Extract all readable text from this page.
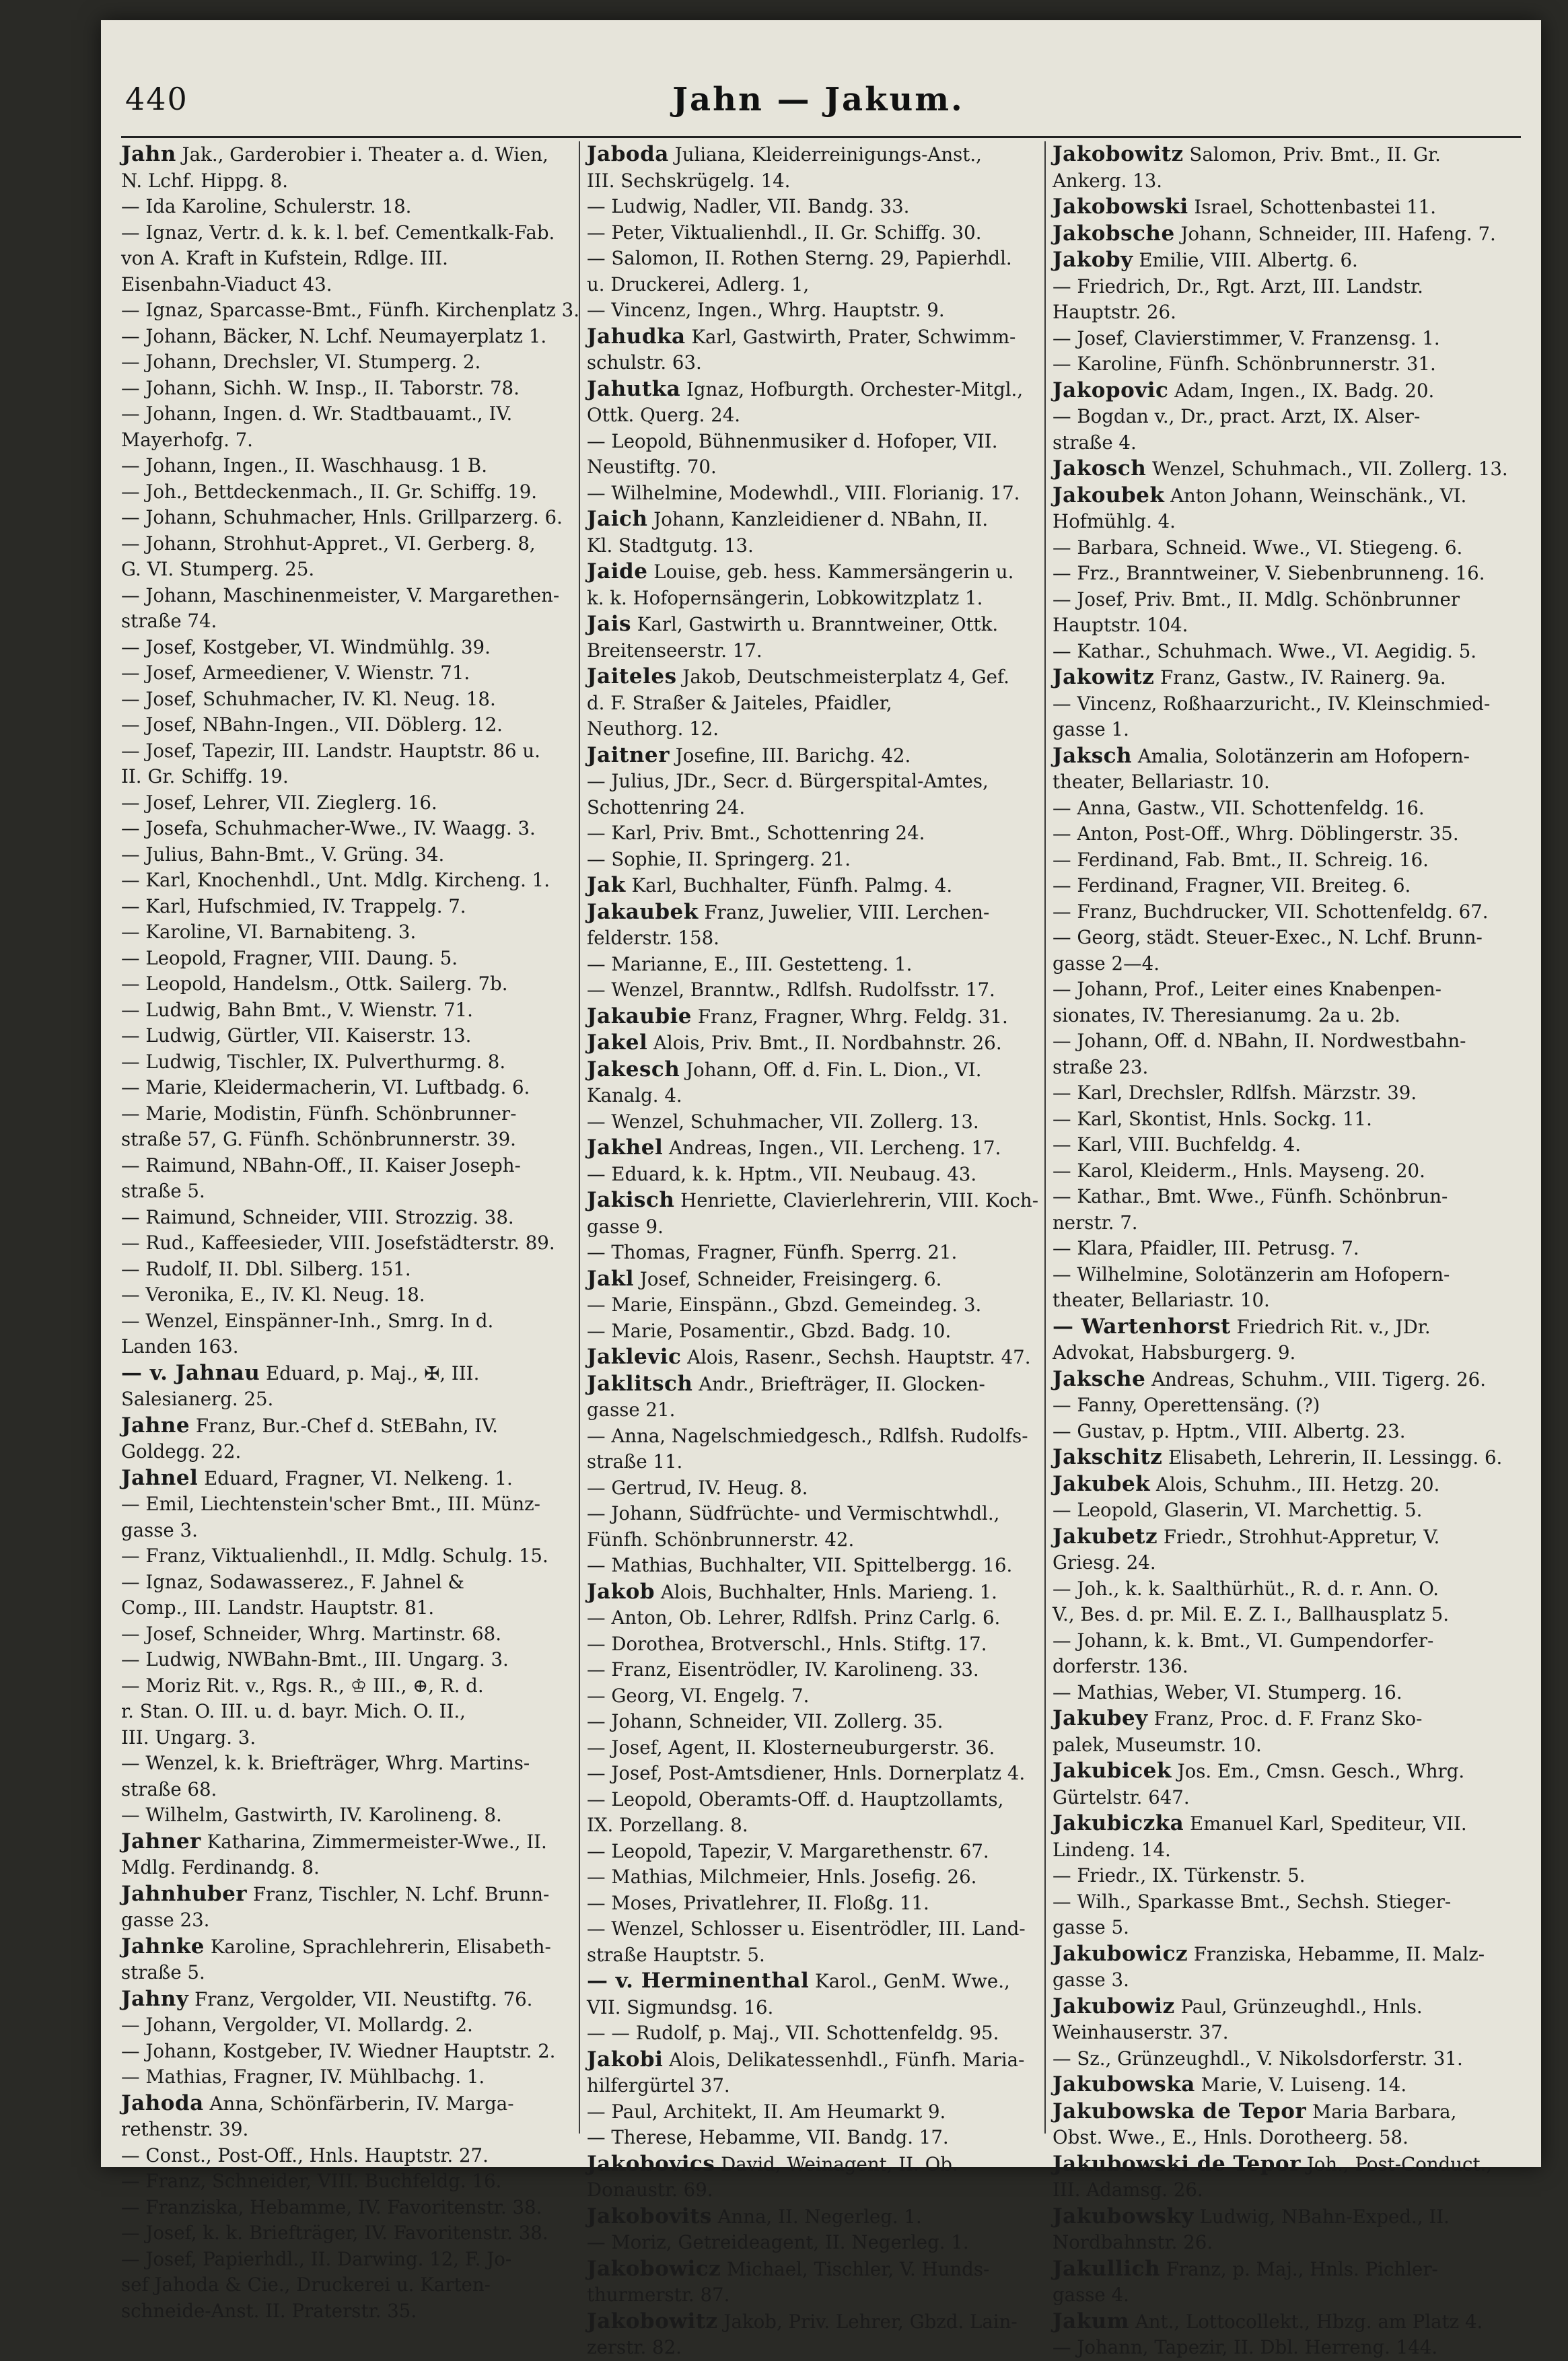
440	Jahn — Jakum.
Jahn Jak., Garderobier i. Theater a. d. Wien,
N. Lchf. Hippg. 8.
— Ida Karoline, Schulerstr. 18.
— Ignaz, Vertr. d. k. k. l. bef. Cementkalk-Fab.
von A. Kraft in Kufstein, Rdlge. III.
Eisenbahn-Viaduct 43.
— Ignaz, Sparcasse-Bmt., Fünfh. Kirchenplatz 3.
— Johann, Bäcker, N. Lchf. Neumayerplatz 1.
— Johann, Drechsler, VI. Stumperg. 2.
— Johann, Sichh. W. Insp., II. Taborstr. 78.
— Johann, Ingen. d. Wr. Stadtbauamt., IV.
Mayerhofg. 7.
— Johann, Ingen., II. Waschhausg. 1 B.
— Joh., Bettdeckenmach., II. Gr. Schiffg. 19.
— Johann, Schuhmacher, Hnls. Grillparzerg. 6.
— Johann, Strohhut-Appret., VI. Gerberg. 8,
G. VI. Stumperg. 25.
— Johann, Maschinenmeister, V. Margarethen-
straße 74.
— Josef, Kostgeber, VI. Windmühlg. 39.
— Josef, Armeediener, V. Wienstr. 71.
— Josef, Schuhmacher, IV. Kl. Neug. 18.
— Josef, NBahn-Ingen., VII. Döblerg. 12.
— Josef, Tapezir, III. Landstr. Hauptstr. 86 u.
II. Gr. Schiffg. 19.
— Josef, Lehrer, VII. Zieglerg. 16.
— Josefa, Schuhmacher-Wwe., IV. Waagg. 3.
— Julius, Bahn-Bmt., V. Grüng. 34.
— Karl, Knochenhdl., Unt. Mdlg. Kircheng. 1.
— Karl, Hufschmied, IV. Trappelg. 7.
— Karoline, VI. Barnabiteng. 3.
— Leopold, Fragner, VIII. Daung. 5.
— Leopold, Handelsm., Ottk. Sailerg. 7b.
— Ludwig, Bahn Bmt., V. Wienstr. 71.
— Ludwig, Gürtler, VII. Kaiserstr. 13.
— Ludwig, Tischler, IX. Pulverthurmg. 8.
— Marie, Kleidermacherin, VI. Luftbadg. 6.
— Marie, Modistin, Fünfh. Schönbrunner-
straße 57, G. Fünfh. Schönbrunnerstr. 39.
— Raimund, NBahn-Off., II. Kaiser Joseph-
straße 5.
— Raimund, Schneider, VIII. Strozzig. 38.
— Rud., Kaffeesieder, VIII. Josefstädterstr. 89.
— Rudolf, II. Dbl. Silberg. 151.
— Veronika, E., IV. Kl. Neug. 18.
— Wenzel, Einspänner-Inh., Smrg. In d.
Landen 163.
— v. Jahnau Eduard, p. Maj., ✠, III.
Salesianerg. 25.
Jahne Franz, Bur.-Chef d. StEBahn, IV.
Goldegg. 22.
Jahnel Eduard, Fragner, VI. Nelkeng. 1.
— Emil, Liechtenstein'scher Bmt., III. Münz-
gasse 3.
— Franz, Viktualienhdl., II. Mdlg. Schulg. 15.
— Ignaz, Sodawasserez., F. Jahnel &
Comp., III. Landstr. Hauptstr. 81.
— Josef, Schneider, Whrg. Martinstr. 68.
— Ludwig, NWBahn-Bmt., III. Ungarg. 3.
— Moriz Rit. v., Rgs. R., ♔ III., ⊕, R. d.
r. Stan. O. III. u. d. bayr. Mich. O. II.,
III. Ungarg. 3.
— Wenzel, k. k. Briefträger, Whrg. Martins-
straße 68.
— Wilhelm, Gastwirth, IV. Karolineng. 8.
Jahner Katharina, Zimmermeister-Wwe., II.
Mdlg. Ferdinandg. 8.
Jahnhuber Franz, Tischler, N. Lchf. Brunn-
gasse 23.
Jahnke Karoline, Sprachlehrerin, Elisabeth-
straße 5.
Jahny Franz, Vergolder, VII. Neustiftg. 76.
— Johann, Vergolder, VI. Mollardg. 2.
— Johann, Kostgeber, IV. Wiedner Hauptstr. 2.
— Mathias, Fragner, IV. Mühlbachg. 1.
Jahoda Anna, Schönfärberin, IV. Marga-
rethenstr. 39.
— Const., Post-Off., Hnls. Hauptstr. 27.
— Franz, Schneider, VIII. Buchfeldg. 16.
— Franziska, Hebamme, IV. Favoritenstr. 38.
— Josef, k. k. Briefträger, IV. Favoritenstr. 38.
— Josef, Papierhdl., II. Darwing. 12, F. Jo-
sef Jahoda & Cie., Druckerei u. Karten-
schneide-Anst. II. Praterstr. 35.
Jaboda Juliana, Kleiderreinigungs-Anst.,
III. Sechskrügelg. 14.
— Ludwig, Nadler, VII. Bandg. 33.
— Peter, Viktualienhdl., II. Gr. Schiffg. 30.
— Salomon, II. Rothen Sterng. 29, Papierhdl.
u. Druckerei, Adlerg. 1,
— Vincenz, Ingen., Whrg. Hauptstr. 9.
Jahudka Karl, Gastwirth, Prater, Schwimm-
schulstr. 63.
Jahutka Ignaz, Hofburgth. Orchester-Mitgl.,
Ottk. Querg. 24.
— Leopold, Bühnenmusiker d. Hofoper, VII.
Neustiftg. 70.
— Wilhelmine, Modewhdl., VIII. Florianig. 17.
Jaich Johann, Kanzleidiener d. NBahn, II.
Kl. Stadtgutg. 13.
Jaide Louise, geb. hess. Kammersängerin u.
k. k. Hofopernsängerin, Lobkowitzplatz 1.
Jais Karl, Gastwirth u. Branntweiner, Ottk.
Breitenseerstr. 17.
Jaiteles Jakob, Deutschmeisterplatz 4, Gef.
d. F. Straßer & Jaiteles, Pfaidler,
Neuthorg. 12.
Jaitner Josefine, III. Barichg. 42.
— Julius, JDr., Secr. d. Bürgerspital-Amtes,
Schottenring 24.
— Karl, Priv. Bmt., Schottenring 24.
— Sophie, II. Springerg. 21.
Jak Karl, Buchhalter, Fünfh. Palmg. 4.
Jakaubek Franz, Juwelier, VIII. Lerchen-
felderstr. 158.
— Marianne, E., III. Gestetteng. 1.
— Wenzel, Branntw., Rdlfsh. Rudolfsstr. 17.
Jakaubie Franz, Fragner, Whrg. Feldg. 31.
Jakel Alois, Priv. Bmt., II. Nordbahnstr. 26.
Jakesch Johann, Off. d. Fin. L. Dion., VI.
Kanalg. 4.
— Wenzel, Schuhmacher, VII. Zollerg. 13.
Jakhel Andreas, Ingen., VII. Lercheng. 17.
— Eduard, k. k. Hptm., VII. Neubaug. 43.
Jakisch Henriette, Clavierlehrerin, VIII. Koch-
gasse 9.
— Thomas, Fragner, Fünfh. Sperrg. 21.
Jakl Josef, Schneider, Freisingerg. 6.
— Marie, Einspänn., Gbzd. Gemeindeg. 3.
— Marie, Posamentir., Gbzd. Badg. 10.
Jaklevic Alois, Rasenr., Sechsh. Hauptstr. 47.
Jaklitsch Andr., Briefträger, II. Glocken-
gasse 21.
— Anna, Nagelschmiedgesch., Rdlfsh. Rudolfs-
straße 11.
— Gertrud, IV. Heug. 8.
— Johann, Südfrüchte- und Vermischtwhdl.,
Fünfh. Schönbrunnerstr. 42.
— Mathias, Buchhalter, VII. Spittelbergg. 16.
Jakob Alois, Buchhalter, Hnls. Marieng. 1.
— Anton, Ob. Lehrer, Rdlfsh. Prinz Carlg. 6.
— Dorothea, Brotverschl., Hnls. Stiftg. 17.
— Franz, Eisentrödler, IV. Karolineng. 33.
— Georg, VI. Engelg. 7.
— Johann, Schneider, VII. Zollerg. 35.
— Josef, Agent, II. Klosterneuburgerstr. 36.
— Josef, Post-Amtsdiener, Hnls. Dornerplatz 4.
— Leopold, Oberamts-Off. d. Hauptzollamts,
IX. Porzellang. 8.
— Leopold, Tapezir, V. Margarethenstr. 67.
— Mathias, Milchmeier, Hnls. Josefig. 26.
— Moses, Privatlehrer, II. Floßg. 11.
— Wenzel, Schlosser u. Eisentrödler, III. Land-
straße Hauptstr. 5.
— v. Herminenthal Karol., GenM. Wwe.,
VII. Sigmundsg. 16.
— — Rudolf, p. Maj., VII. Schottenfeldg. 95.
Jakobi Alois, Delikatessenhdl., Fünfh. Maria-
hilfergürtel 37.
— Paul, Architekt, II. Am Heumarkt 9.
— Therese, Hebamme, VII. Bandg. 17.
Jakobovics David, Weinagent, II. Ob.
Donaustr. 69.
Jakobovits Anna, II. Negerleg. 1.
— Moriz, Getreideagent, II. Negerleg. 1.
Jakobowicz Michael, Tischler, V. Hunds-
thurmerstr. 87.
Jakobowitz Jakob, Priv. Lehrer, Gbzd. Lain-
zerstr. 82.
Jakobowitz Salomon, Priv. Bmt., II. Gr.
Ankerg. 13.
Jakobowski Israel, Schottenbastei 11.
Jakobsche Johann, Schneider, III. Hafeng. 7.
Jakoby Emilie, VIII. Albertg. 6.
— Friedrich, Dr., Rgt. Arzt, III. Landstr.
Hauptstr. 26.
— Josef, Clavierstimmer, V. Franzensg. 1.
— Karoline, Fünfh. Schönbrunnerstr. 31.
Jakopovic Adam, Ingen., IX. Badg. 20.
— Bogdan v., Dr., pract. Arzt, IX. Alser-
straße 4.
Jakosch Wenzel, Schuhmach., VII. Zollerg. 13.
Jakoubek Anton Johann, Weinschänk., VI.
Hofmühlg. 4.
— Barbara, Schneid. Wwe., VI. Stiegeng. 6.
— Frz., Branntweiner, V. Siebenbrunneng. 16.
— Josef, Priv. Bmt., II. Mdlg. Schönbrunner
Hauptstr. 104.
— Kathar., Schuhmach. Wwe., VI. Aegidig. 5.
Jakowitz Franz, Gastw., IV. Rainerg. 9a.
— Vincenz, Roßhaarzuricht., IV. Kleinschmied-
gasse 1.
Jaksch Amalia, Solotänzerin am Hofopern-
theater, Bellariastr. 10.
— Anna, Gastw., VII. Schottenfeldg. 16.
— Anton, Post-Off., Whrg. Döblingerstr. 35.
— Ferdinand, Fab. Bmt., II. Schreig. 16.
— Ferdinand, Fragner, VII. Breiteg. 6.
— Franz, Buchdrucker, VII. Schottenfeldg. 67.
— Georg, städt. Steuer-Exec., N. Lchf. Brunn-
gasse 2—4.
— Johann, Prof., Leiter eines Knabenpen-
sionates, IV. Theresianumg. 2a u. 2b.
— Johann, Off. d. NBahn, II. Nordwestbahn-
straße 23.
— Karl, Drechsler, Rdlfsh. Märzstr. 39.
— Karl, Skontist, Hnls. Sockg. 11.
— Karl, VIII. Buchfeldg. 4.
— Karol, Kleiderm., Hnls. Mayseng. 20.
— Kathar., Bmt. Wwe., Fünfh. Schönbrun-
nerstr. 7.
— Klara, Pfaidler, III. Petrusg. 7.
— Wilhelmine, Solotänzerin am Hofopern-
theater, Bellariastr. 10.
— Wartenhorst Friedrich Rit. v., JDr.
Advokat, Habsburgerg. 9.
Jaksche Andreas, Schuhm., VIII. Tigerg. 26.
— Fanny, Operettensäng. (?)
— Gustav, p. Hptm., VIII. Albertg. 23.
Jakschitz Elisabeth, Lehrerin, II. Lessingg. 6.
Jakubek Alois, Schuhm., III. Hetzg. 20.
— Leopold, Glaserin, VI. Marchettig. 5.
Jakubetz Friedr., Strohhut-Appretur, V.
Griesg. 24.
— Joh., k. k. Saalthürhüt., R. d. r. Ann. O.
V., Bes. d. pr. Mil. E. Z. I., Ballhausplatz 5.
— Johann, k. k. Bmt., VI. Gumpendorfer-
dorferstr. 136.
— Mathias, Weber, VI. Stumperg. 16.
Jakubey Franz, Proc. d. F. Franz Sko-
palek, Museumstr. 10.
Jakubicek Jos. Em., Cmsn. Gesch., Whrg.
Gürtelstr. 647.
Jakubiczka Emanuel Karl, Spediteur, VII.
Lindeng. 14.
— Friedr., IX. Türkenstr. 5.
— Wilh., Sparkasse Bmt., Sechsh. Stieger-
gasse 5.
Jakubowicz Franziska, Hebamme, II. Malz-
gasse 3.
Jakubowiz Paul, Grünzeughdl., Hnls.
Weinhauserstr. 37.
— Sz., Grünzeughdl., V. Nikolsdorferstr. 31.
Jakubowska Marie, V. Luiseng. 14.
Jakubowska de Tepor Maria Barbara,
Obst. Wwe., E., Hnls. Dorotheerg. 58.
Jakubowski de Tepor Joh., Post-Conduct.,
III. Adamsg. 26.
Jakubowsky Ludwig, NBahn-Exped., II.
Nordbahnstr. 26.
Jakullich Franz, p. Maj., Hnls. Pichler-
gasse 4.
Jakum Ant., Lottocollekt., Hbzg. am Platz 4.
— Johann, Tapezir, II. Dbl. Herreng. 144.
